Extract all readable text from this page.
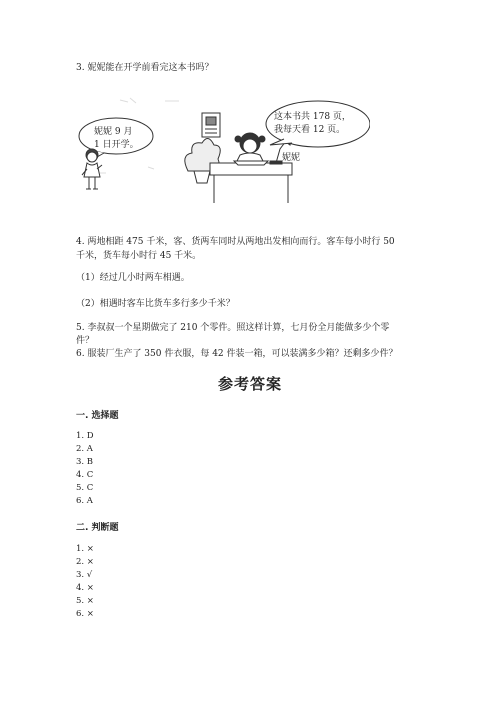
3. 妮妮能在开学前看完这本书吗？
妮妮 9 月
1 日开学。
这本书共 178 页，
我每天看 12 页。
妮妮
4. 两地相距 475 千米，客、货两车同时从两地出发相向而行。客车每小时行 50
千米，货车每小时行 45 千米。
（1）经过几小时两车相遇。
（2）相遇时客车比货车多行多少千米？
5. 李叔叔一个星期做完了 210 个零件。照这样计算，七月份全月能做多少个零
件？
6. 服装厂生产了 350 件衣服，每 42 件装一箱，可以装满多少箱？还剩多少件？
参考答案
一. 选择题
1. D
2. A
3. B
4. C
5. C
6. A
二. 判断题
1. ×
2. ×
3. √
4. ×
5. ×
6. ×
